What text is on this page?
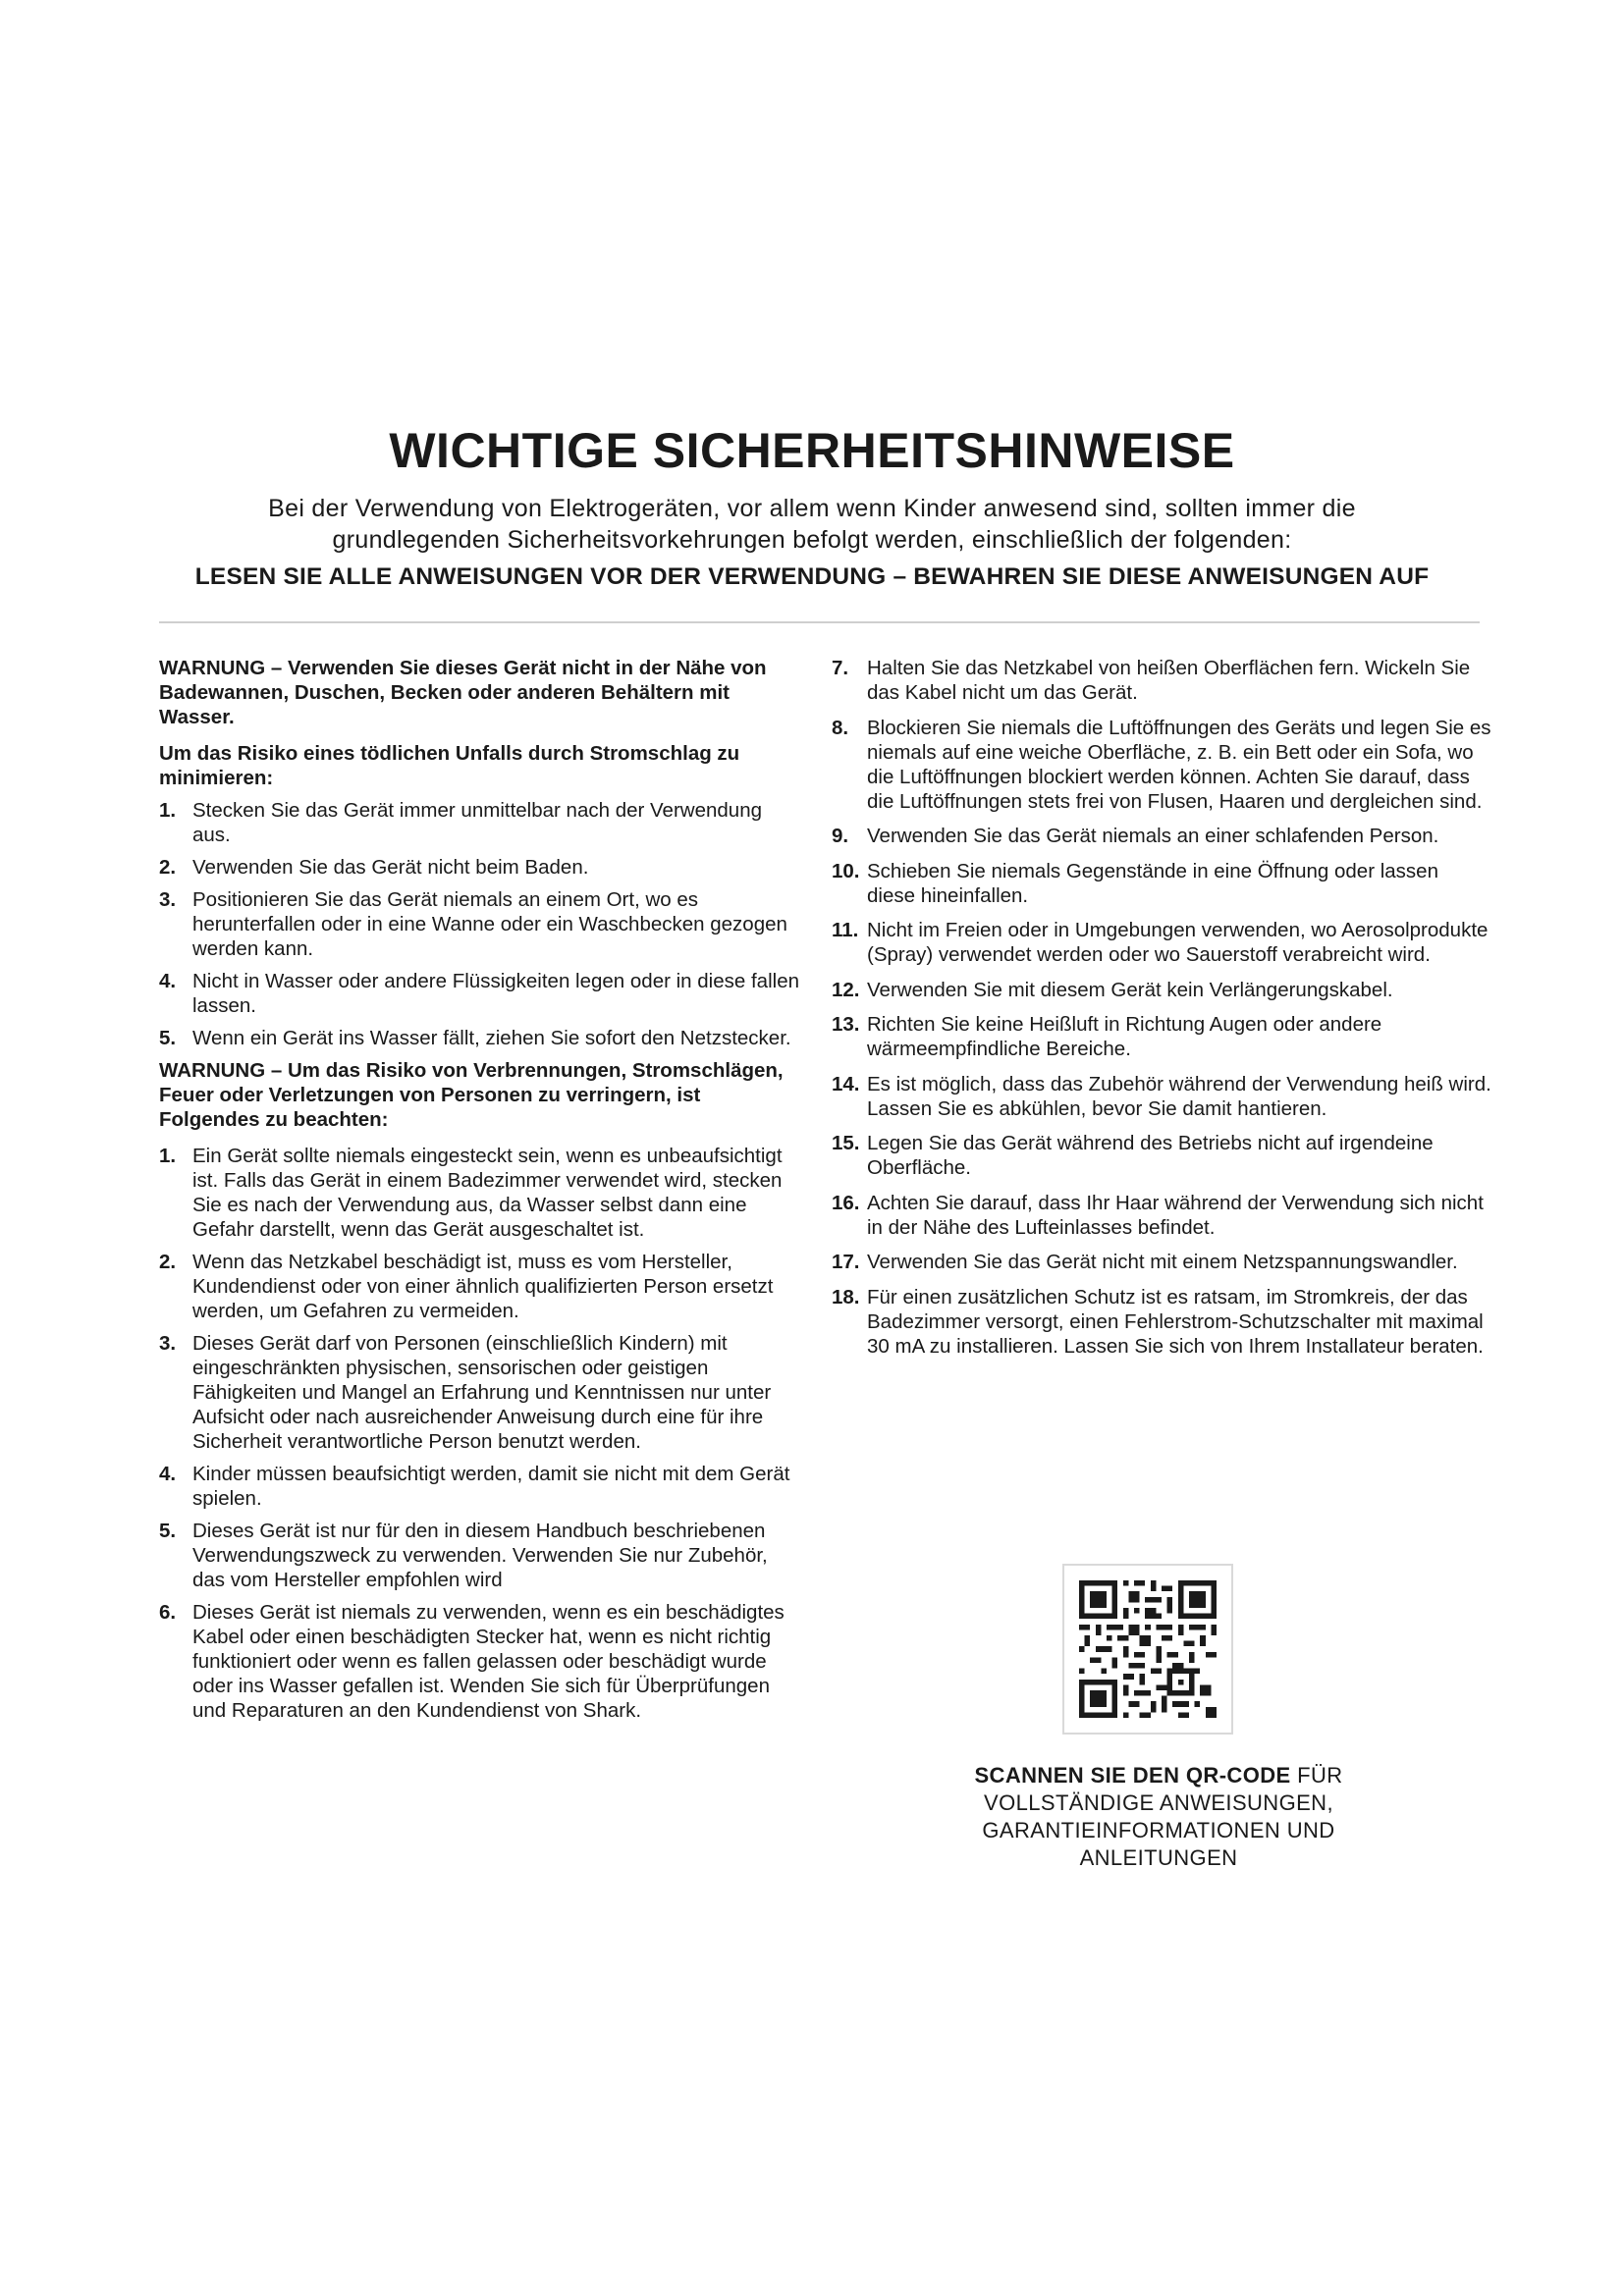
WICHTIGE SICHERHEITSHINWEISE

Bei der Verwendung von Elektrogeräten, vor allem wenn Kinder anwesend sind, sollten immer die
grundlegenden Sicherheitsvorkehrungen befolgt werden, einschließlich der folgenden:

LESEN SIE ALLE ANWEISUNGEN VOR DER VERWENDUNG – BEWAHREN SIE DIESE ANWEISUNGEN AUF

WARNUNG – Verwenden Sie dieses Gerät nicht in der Nähe von Badewannen, Duschen, Becken oder anderen Behältern mit Wasser.

Um das Risiko eines tödlichen Unfalls durch Stromschlag zu minimieren:

1. Stecken Sie das Gerät immer unmittelbar nach der Verwendung aus.
2. Verwenden Sie das Gerät nicht beim Baden.
3. Positionieren Sie das Gerät niemals an einem Ort, wo es herunterfallen oder in eine Wanne oder ein Waschbecken gezogen werden kann.
4. Nicht in Wasser oder andere Flüssigkeiten legen oder in diese fallen lassen.
5. Wenn ein Gerät ins Wasser fällt, ziehen Sie sofort den Netzstecker.

WARNUNG – Um das Risiko von Verbrennungen, Stromschlägen, Feuer oder Verletzungen von Personen zu verringern, ist Folgendes zu beachten:

1. Ein Gerät sollte niemals eingesteckt sein, wenn es unbeaufsichtigt ist. Falls das Gerät in einem Badezimmer verwendet wird, stecken Sie es nach der Verwendung aus, da Wasser selbst dann eine Gefahr darstellt, wenn das Gerät ausgeschaltet ist.
2. Wenn das Netzkabel beschädigt ist, muss es vom Hersteller, Kundendienst oder von einer ähnlich qualifizierten Person ersetzt werden, um Gefahren zu vermeiden.
3. Dieses Gerät darf von Personen (einschließlich Kindern) mit eingeschränkten physischen, sensorischen oder geistigen Fähigkeiten und Mangel an Erfahrung und Kenntnissen nur unter Aufsicht oder nach ausreichender Anweisung durch eine für ihre Sicherheit verantwortliche Person benutzt werden.
4. Kinder müssen beaufsichtigt werden, damit sie nicht mit dem Gerät spielen.
5. Dieses Gerät ist nur für den in diesem Handbuch beschriebenen Verwendungszweck zu verwenden. Verwenden Sie nur Zubehör, das vom Hersteller empfohlen wird
6. Dieses Gerät ist niemals zu verwenden, wenn es ein beschädigtes Kabel oder einen beschädigten Stecker hat, wenn es nicht richtig funktioniert oder wenn es fallen gelassen oder beschädigt wurde oder ins Wasser gefallen ist. Wenden Sie sich für Überprüfungen und Reparaturen an den Kundendienst von Shark.
7. Halten Sie das Netzkabel von heißen Oberflächen fern. Wickeln Sie das Kabel nicht um das Gerät.
8. Blockieren Sie niemals die Luftöffnungen des Geräts und legen Sie es niemals auf eine weiche Oberfläche, z. B. ein Bett oder ein Sofa, wo die Luftöffnungen blockiert werden können. Achten Sie darauf, dass die Luftöffnungen stets frei von Flusen, Haaren und dergleichen sind.
9. Verwenden Sie das Gerät niemals an einer schlafenden Person.
10. Schieben Sie niemals Gegenstände in eine Öffnung oder lassen diese hineinfallen.
11. Nicht im Freien oder in Umgebungen verwenden, wo Aerosolprodukte (Spray) verwendet werden oder wo Sauerstoff verabreicht wird.
12. Verwenden Sie mit diesem Gerät kein Verlängerungskabel.
13. Richten Sie keine Heißluft in Richtung Augen oder andere wärmeempfindliche Bereiche.
14. Es ist möglich, dass das Zubehör während der Verwendung heiß wird. Lassen Sie es abkühlen, bevor Sie damit hantieren.
15. Legen Sie das Gerät während des Betriebs nicht auf irgendeine Oberfläche.
16. Achten Sie darauf, dass Ihr Haar während der Verwendung sich nicht in der Nähe des Lufteinlasses befindet.
17. Verwenden Sie das Gerät nicht mit einem Netzspannungswandler.
18. Für einen zusätzlichen Schutz ist es ratsam, im Stromkreis, der das Badezimmer versorgt, einen Fehlerstrom-Schutzschalter mit maximal 30 mA zu installieren. Lassen Sie sich von Ihrem Installateur beraten.

SCANNEN SIE DEN QR-CODE FÜR
VOLLSTÄNDIGE ANWEISUNGEN,
GARANTIEINFORMATIONEN UND
ANLEITUNGEN
